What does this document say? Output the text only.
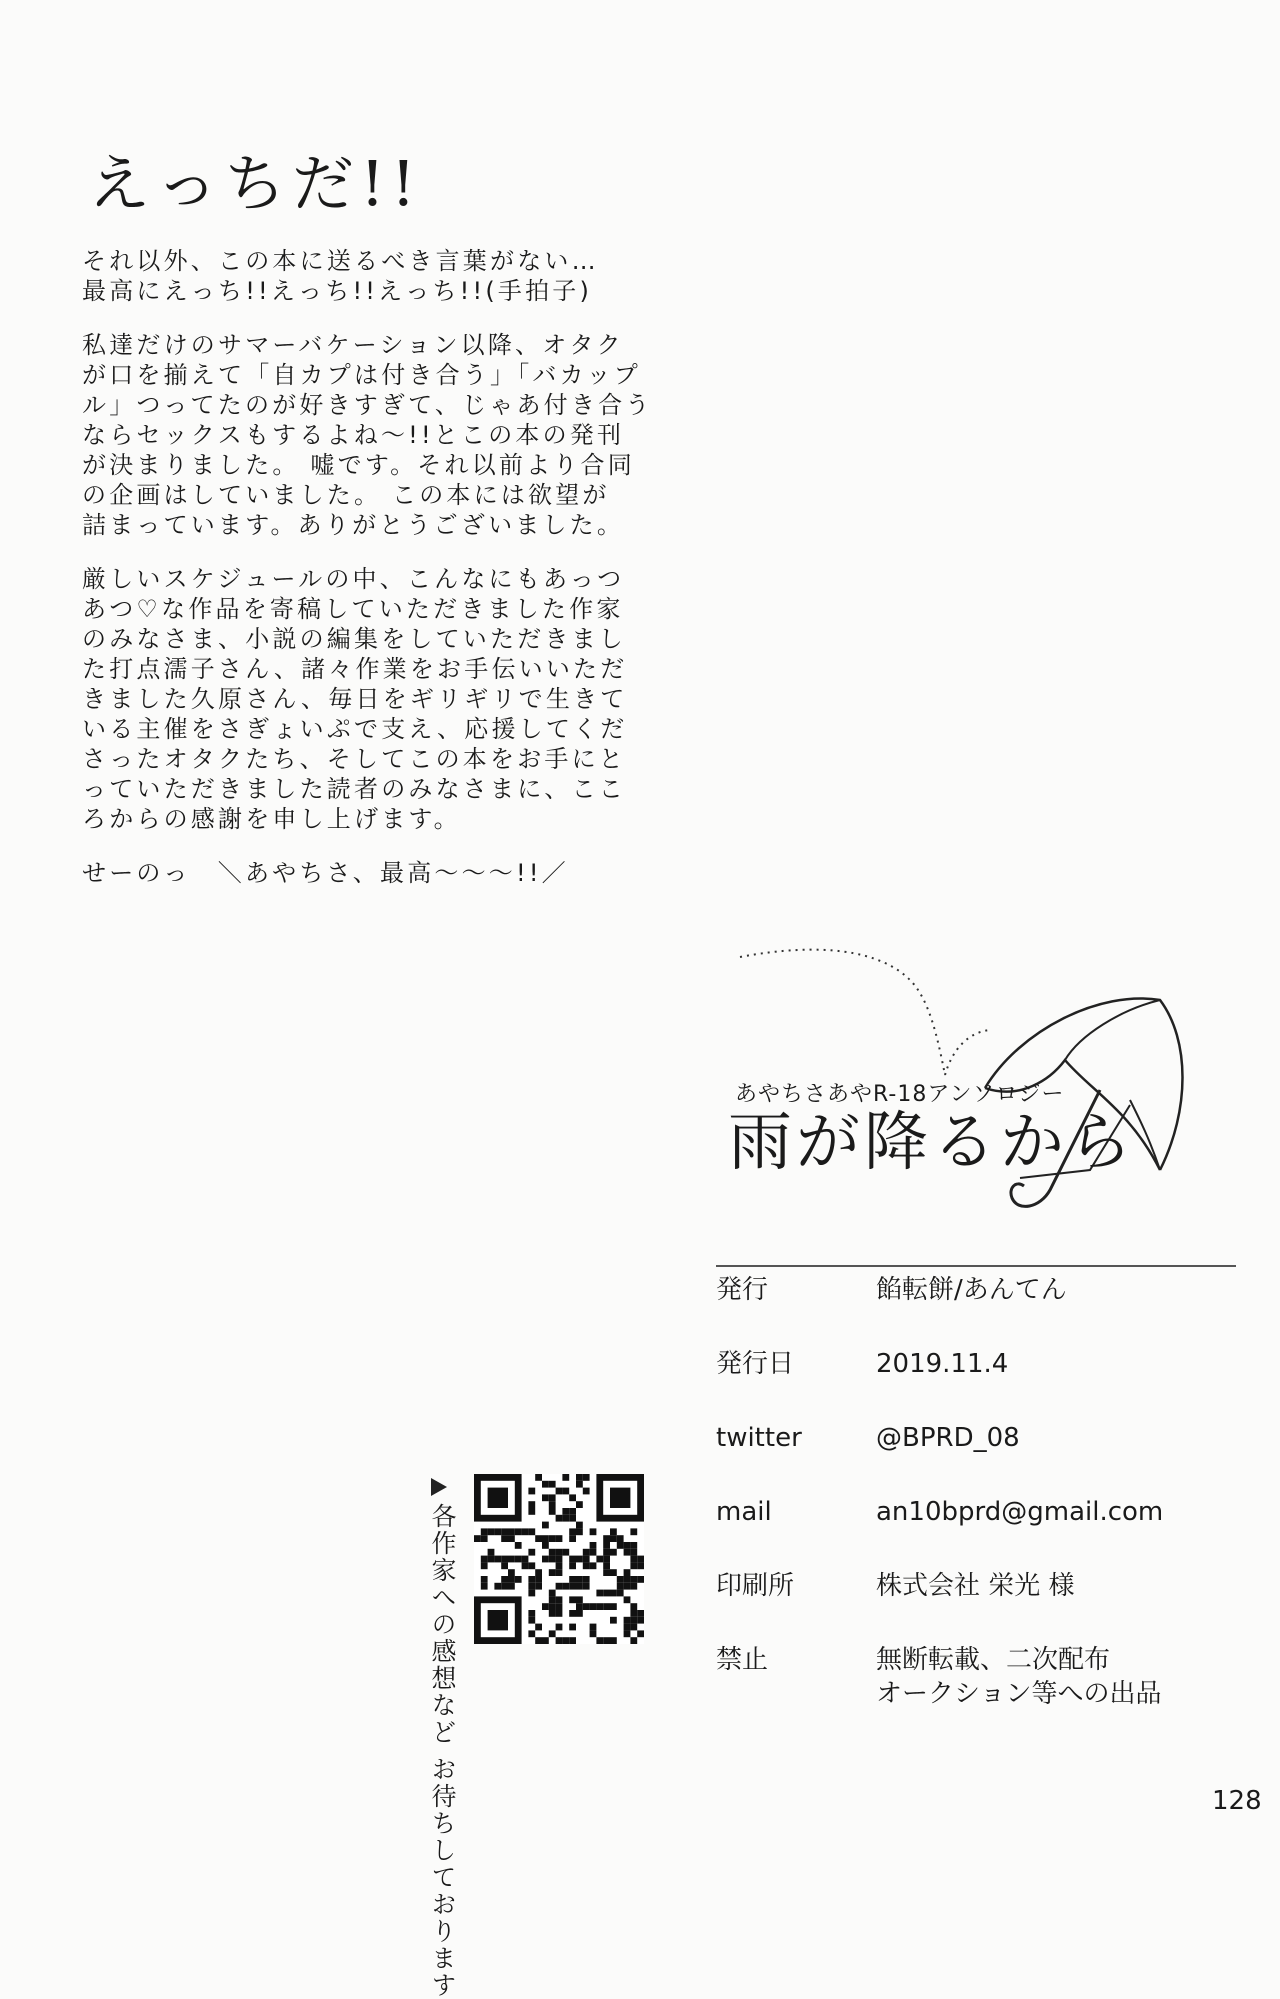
えっちだ!!

それ以外、この本に送るべき言葉がない…
最高にえっち!!えっち!!えっち!!(手拍子)

私達だけのサマーバケーション以降、オタク
が口を揃えて「自カプは付き合う」「バカップ
ル」つってたのが好きすぎて、じゃあ付き合う
ならセックスもするよね～!!とこの本の発刊
が決まりました。 嘘です。それ以前より合同
の企画はしていました。 この本には欲望が
詰まっています。ありがとうございました。

厳しいスケジュールの中、こんなにもあっつ
あつ♡な作品を寄稿していただきました作家
のみなさま、小説の編集をしていただきまし
た打点濡子さん、諸々作業をお手伝いいただ
きました久原さん、毎日をギリギリで生きて
いる主催をさぎょいぷで支え、応援してくだ
さったオタクたち、そしてこの本をお手にと
っていただきました読者のみなさまに、ここ
ろからの感謝を申し上げます。

せーのっ　＼あやちさ、最高～～～!!／

あやちさあやR-18アンソロジー
雨が降るから
発行	餡転餅/あんてん
発行日	2019.11.4
twitter	@BPRD_08
mail	an10bprd@gmail.com
印刷所	株式会社 栄光 様
禁止	無断転載、二次配布
オークション等への出品
各作家への感想など お待ちしております	128
